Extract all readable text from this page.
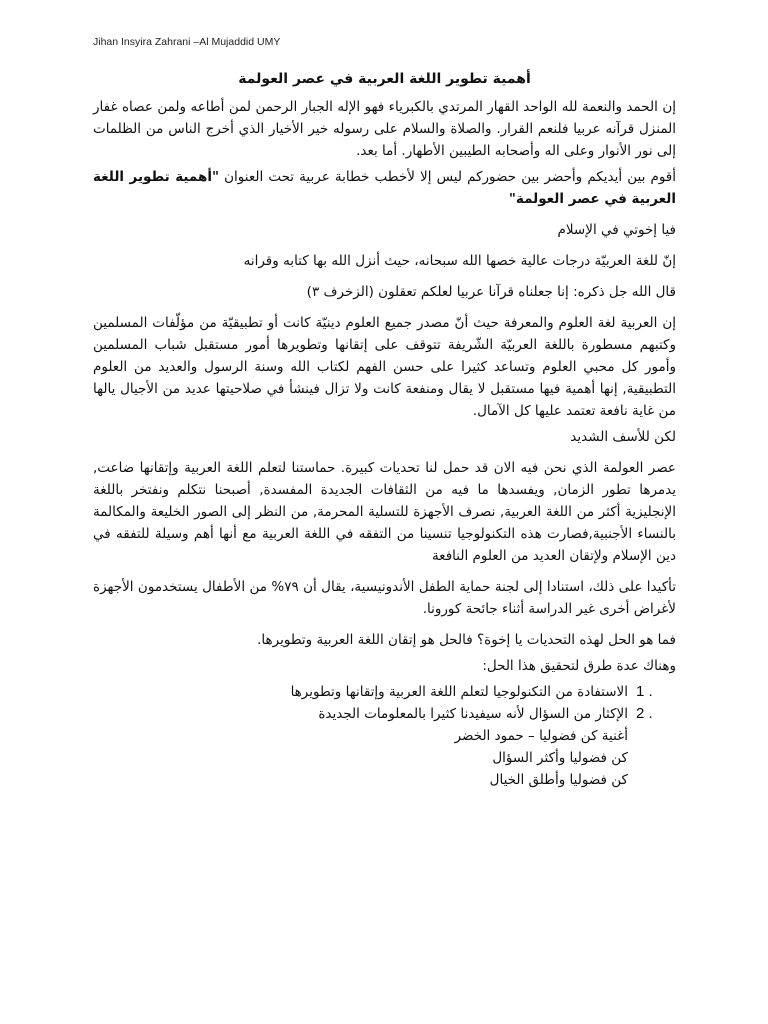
Jihan Insyira Zahrani –Al Mujaddid UMY
أهمية تطوير اللغة العربية في عصر العولمة

إن الحمد والنعمة لله الواحد القهار المرتدي بالكبرياء فهو الإله الجبار الرحمن لمن أطاعه ولمن عصاه غفار المنزل قرآنه عربيا فلنعم القرار. والصلاة والسلام على رسوله خير الأخيار الذي أخرج الناس من الظلمات إلى نور الأنوار وعلى اله وأصحابه الطيبين الأطهار. أما بعد.

أقوم بين أيديكم وأحضر بين حضوركم ليس إلا لأخطب خطابة عربية تحت العنوان "أهمية تطوير اللغة العربية في عصر العولمة"

فيا إخوتي في الإسلام

إنّ للغة العربيّة درجات عالية خصها الله سبحانه، حيث أنزل الله بها كتابه وقرانه

قال الله جل ذكره: إنا جعلناه قرآنا عربيا لعلكم تعقلون (الزخرف ٣)

إن العربية لغة العلوم والمعرفة حيث أنّ مصدر جميع العلوم دينيّة كانت أو تطبيقيّة من مؤلّفات المسلمين وكتبهم مسطورة باللغة العربيّة الشّريفة تتوقف على إتقانها وتطويرها أمور مستقبل شباب المسلمين وأمور كل محبي العلوم وتساعد كثيرا على حسن الفهم لكتاب الله وسنة الرسول والعديد من العلوم التطبيقية, إنها أهمية فيها مستقبل لا يقال ومنفعة كانت ولا تزال فينشأ في صلاحيتها عديد من الأجيال يالها من غاية نافعة تعتمد عليها كل الآمال.

لكن للأسف الشديد

عصر العولمة الذي نحن فيه الان قد حمل لنا تحديات كبيرة. حماستنا لتعلم اللغة العربية وإتقانها ضاعت, يدمرها تطور الزمان, ويفسدها ما فيه من الثقافات الجديدة المفسدة, أصبحنا نتكلم ونفتخر باللغة الإنجليزية أكثر من اللغة العربية, نصرف الأجهزة للتسلية المحرمة, من النظر إلى الصور الخليعة والمكالمة بالنساء الأجنبية,فصارت هذه التكنولوجيا تنسينا من التفقه في اللغة العربية مع أنها أهم وسيلة للتفقه في دين الإسلام ولإتقان العديد من العلوم النافعة

تأكيدا على ذلك، استنادا إلى لجنة حماية الطفل الأندونيسية، يقال أن ٧٩% من الأطفال يستخدمون الأجهزة لأغراض أخرى غير الدراسة أثناء جائحة كورونا.

فما هو الحل لهذه التحديات يا إخوة؟ فالحل هو إتقان اللغة العربية وتطويرها.

وهناك عدة طرق لتحقيق هذا الحل:

1 .
الاستفادة من التكنولوجيا لتعلم اللغة العربية وإتقانها وتطويرها
2 .
الإكثار من السؤال لأنه سيفيدنا كثيرا بالمعلومات الجديدة
أغنية كن فضوليا – حمود الخضر
كن فضوليا وأكثر السؤال
كن فضوليا وأطلق الخيال
